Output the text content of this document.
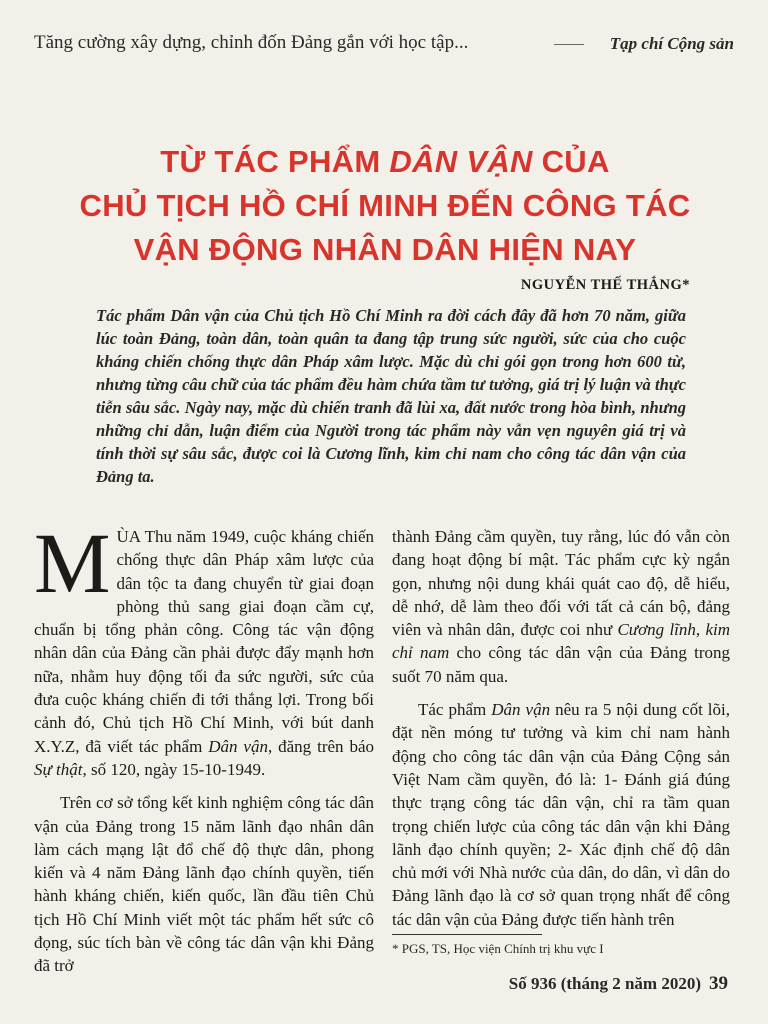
Tăng cường xây dựng, chỉnh đốn Đảng gắn với học tập...	Tạp chí Cộng sản
TỪ TÁC PHẨM DÂN VẬN CỦA
CHỦ TỊCH HỒ CHÍ MINH ĐẾN CÔNG TÁC
VẬN ĐỘNG NHÂN DÂN HIỆN NAY
NGUYỄN THẾ THẮNG*
Tác phẩm Dân vận của Chủ tịch Hồ Chí Minh ra đời cách đây đã hơn 70 năm, giữa lúc toàn Đảng, toàn dân, toàn quân ta đang tập trung sức người, sức của cho cuộc kháng chiến chống thực dân Pháp xâm lược. Mặc dù chỉ gói gọn trong hơn 600 từ, nhưng từng câu chữ của tác phẩm đều hàm chứa tầm tư tưởng, giá trị lý luận và thực tiễn sâu sắc. Ngày nay, mặc dù chiến tranh đã lùi xa, đất nước trong hòa bình, nhưng những chỉ dẫn, luận điểm của Người trong tác phẩm này vẫn vẹn nguyên giá trị và tính thời sự sâu sắc, được coi là Cương lĩnh, kim chỉ nam cho công tác dân vận của Đảng ta.

MÙA Thu năm 1949, cuộc kháng chiến chống thực dân Pháp xâm lược của dân tộc ta đang chuyển từ giai đoạn phòng thủ sang giai đoạn cầm cự, chuẩn bị tổng phản công. Công tác vận động nhân dân của Đảng cần phải được đẩy mạnh hơn nữa, nhằm huy động tối đa sức người, sức của đưa cuộc kháng chiến đi tới thắng lợi. Trong bối cảnh đó, Chủ tịch Hồ Chí Minh, với bút danh X.Y.Z, đã viết tác phẩm Dân vận, đăng trên báo Sự thật, số 120, ngày 15-10-1949.

Trên cơ sở tổng kết kinh nghiệm công tác dân vận của Đảng trong 15 năm lãnh đạo nhân dân làm cách mạng lật đổ chế độ thực dân, phong kiến và 4 năm Đảng lãnh đạo chính quyền, tiến hành kháng chiến, kiến quốc, lần đầu tiên Chủ tịch Hồ Chí Minh viết một tác phẩm hết sức cô đọng, súc tích bàn về công tác dân vận khi Đảng đã trở

thành Đảng cầm quyền, tuy rằng, lúc đó vẫn còn đang hoạt động bí mật. Tác phẩm cực kỳ ngắn gọn, nhưng nội dung khái quát cao độ, dễ hiểu, dễ nhớ, dễ làm theo đối với tất cả cán bộ, đảng viên và nhân dân, được coi như Cương lĩnh, kim chỉ nam cho công tác dân vận của Đảng trong suốt 70 năm qua.

Tác phẩm Dân vận nêu ra 5 nội dung cốt lõi, đặt nền móng tư tưởng và kim chỉ nam hành động cho công tác dân vận của Đảng Cộng sản Việt Nam cầm quyền, đó là: 1- Đánh giá đúng thực trạng công tác dân vận, chỉ ra tầm quan trọng chiến lược của công tác dân vận khi Đảng lãnh đạo chính quyền; 2- Xác định chế độ dân chủ mới với Nhà nước của dân, do dân, vì dân do Đảng lãnh đạo là cơ sở quan trọng nhất để công tác dân vận của Đảng được tiến hành trên

* PGS, TS, Học viện Chính trị khu vực I
Số 936 (tháng 2 năm 2020) 39
